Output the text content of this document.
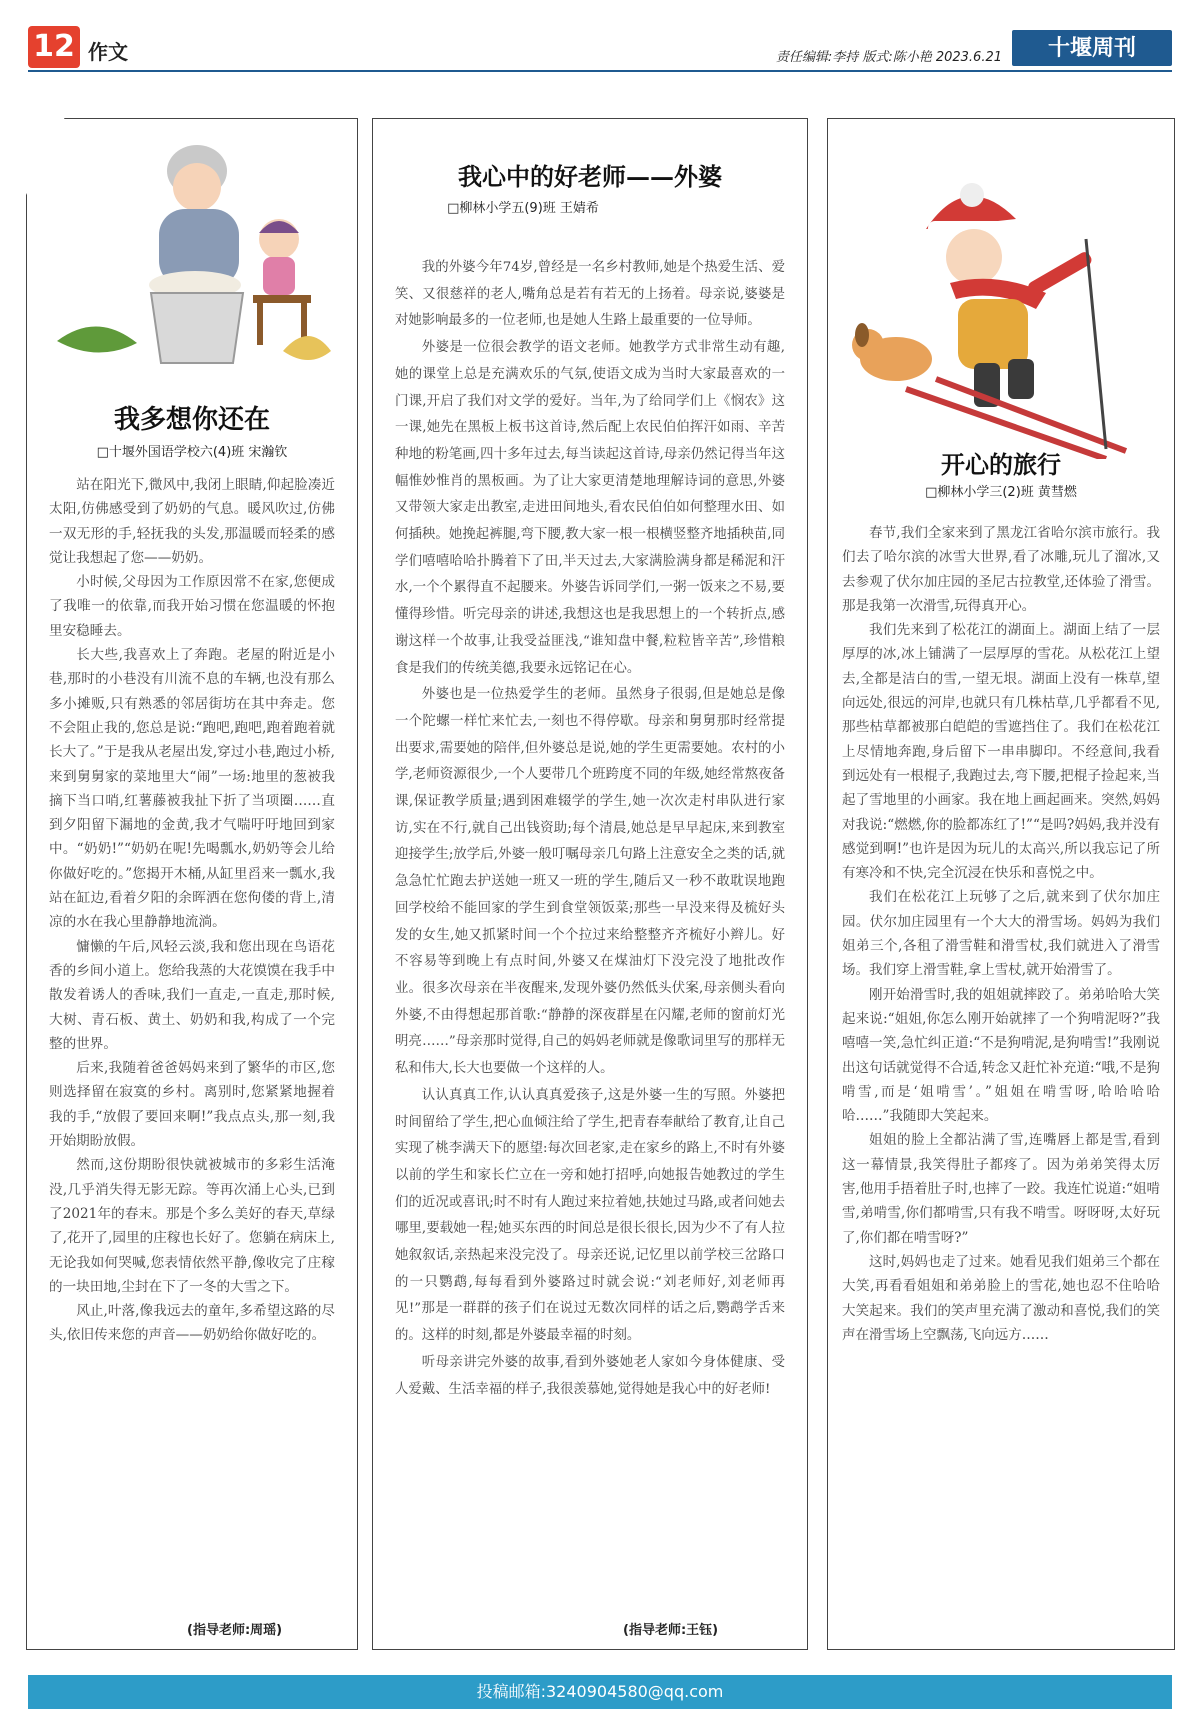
12 作文	责任编辑:李持 版式:陈小艳 2023.6.21	十堰周刊
我多想你还在
□十堰外国语学校六(4)班 宋瀚钦

站在阳光下,微风中,我闭上眼睛,仰起脸凑近太阳,仿佛感受到了奶奶的气息。暖风吹过,仿佛一双无形的手,轻抚我的头发,那温暖而轻柔的感觉让我想起了您——奶奶。

小时候,父母因为工作原因常不在家,您便成了我唯一的依靠,而我开始习惯在您温暖的怀抱里安稳睡去。

长大些,我喜欢上了奔跑。老屋的附近是小巷,那时的小巷没有川流不息的车辆,也没有那么多小摊贩,只有熟悉的邻居街坊在其中奔走。您不会阻止我的,您总是说:“跑吧,跑吧,跑着跑着就长大了。”于是我从老屋出发,穿过小巷,跑过小桥,来到舅舅家的菜地里大“闹”一场:地里的葱被我摘下当口哨,红薯藤被我扯下折了当项圈……直到夕阳留下漏地的金黄,我才气喘吁吁地回到家中。“奶奶!”“奶奶在呢!先喝瓢水,奶奶等会儿给你做好吃的。”您揭开木桶,从缸里舀来一瓢水,我站在缸边,看着夕阳的余晖洒在您佝偻的背上,清凉的水在我心里静静地流淌。

慵懒的午后,风轻云淡,我和您出现在鸟语花香的乡间小道上。您给我蒸的大花馍馍在我手中散发着诱人的香味,我们一直走,一直走,那时候,大树、青石板、黄土、奶奶和我,构成了一个完整的世界。

后来,我随着爸爸妈妈来到了繁华的市区,您则选择留在寂寞的乡村。离别时,您紧紧地握着我的手,“放假了要回来啊!”我点点头,那一刻,我开始期盼放假。

然而,这份期盼很快就被城市的多彩生活淹没,几乎消失得无影无踪。等再次涌上心头,已到了2021年的春末。那是个多么美好的春天,草绿了,花开了,园里的庄稼也长好了。您躺在病床上,无论我如何哭喊,您表情依然平静,像收完了庄稼的一块田地,尘封在下了一冬的大雪之下。

风止,叶落,像我远去的童年,多希望这路的尽头,依旧传来您的声音——奶奶给你做好吃的。

(指导老师:周瑶)
我心中的好老师——外婆
□柳林小学五(9)班 王婧希

我的外婆今年74岁,曾经是一名乡村教师,她是个热爱生活、爱笑、又很慈祥的老人,嘴角总是若有若无的上扬着。母亲说,婆婆是对她影响最多的一位老师,也是她人生路上最重要的一位导师。

外婆是一位很会教学的语文老师。她教学方式非常生动有趣,她的课堂上总是充满欢乐的气氛,使语文成为当时大家最喜欢的一门课,开启了我们对文学的爱好。当年,为了给同学们上《悯农》这一课,她先在黑板上板书这首诗,然后配上农民伯伯挥汗如雨、辛苦种地的粉笔画,四十多年过去,每当读起这首诗,母亲仍然记得当年这幅惟妙惟肖的黑板画。为了让大家更清楚地理解诗词的意思,外婆又带领大家走出教室,走进田间地头,看农民伯伯如何整理水田、如何插秧。她挽起裤腿,弯下腰,教大家一根一根横竖整齐地插秧苗,同学们嘻嘻哈哈扑腾着下了田,半天过去,大家满脸满身都是稀泥和汗水,一个个累得直不起腰来。外婆告诉同学们,一粥一饭来之不易,要懂得珍惜。听完母亲的讲述,我想这也是我思想上的一个转折点,感谢这样一个故事,让我受益匪浅,“谁知盘中餐,粒粒皆辛苦”,珍惜粮食是我们的传统美德,我要永远铭记在心。

外婆也是一位热爱学生的老师。虽然身子很弱,但是她总是像一个陀螺一样忙来忙去,一刻也不得停歇。母亲和舅舅那时经常提出要求,需要她的陪伴,但外婆总是说,她的学生更需要她。农村的小学,老师资源很少,一个人要带几个班跨度不同的年级,她经常熬夜备课,保证教学质量;遇到困难辍学的学生,她一次次走村串队进行家访,实在不行,就自己出钱资助;每个清晨,她总是早早起床,来到教室迎接学生;放学后,外婆一般叮嘱母亲几句路上注意安全之类的话,就急急忙忙跑去护送她一班又一班的学生,随后又一秒不敢耽误地跑回学校给不能回家的学生到食堂领饭菜;那些一早没来得及梳好头发的女生,她又抓紧时间一个个拉过来给整整齐齐梳好小辫儿。好不容易等到晚上有点时间,外婆又在煤油灯下没完没了地批改作业。很多次母亲在半夜醒来,发现外婆仍然低头伏案,母亲侧头看向外婆,不由得想起那首歌:“静静的深夜群星在闪耀,老师的窗前灯光明亮……”母亲那时觉得,自己的妈妈老师就是像歌词里写的那样无私和伟大,长大也要做一个这样的人。

认认真真工作,认认真真爱孩子,这是外婆一生的写照。外婆把时间留给了学生,把心血倾注给了学生,把青春奉献给了教育,让自己实现了桃李满天下的愿望:每次回老家,走在家乡的路上,不时有外婆以前的学生和家长伫立在一旁和她打招呼,向她报告她教过的学生们的近况或喜讯;时不时有人跑过来拉着她,扶她过马路,或者问她去哪里,要载她一程;她买东西的时间总是很长很长,因为少不了有人拉她叙叙话,亲热起来没完没了。母亲还说,记忆里以前学校三岔路口的一只鹦鹉,每每看到外婆路过时就会说:“刘老师好,刘老师再见!”那是一群群的孩子们在说过无数次同样的话之后,鹦鹉学舌来的。这样的时刻,都是外婆最幸福的时刻。

听母亲讲完外婆的故事,看到外婆她老人家如今身体健康、受人爱戴、生活幸福的样子,我很羡慕她,觉得她是我心中的好老师!

(指导老师:王钰)
开心的旅行
□柳林小学三(2)班 黄彗燃

春节,我们全家来到了黑龙江省哈尔滨市旅行。我们去了哈尔滨的冰雪大世界,看了冰雕,玩儿了溜冰,又去参观了伏尔加庄园的圣尼古拉教堂,还体验了滑雪。那是我第一次滑雪,玩得真开心。

我们先来到了松花江的湖面上。湖面上结了一层厚厚的冰,冰上铺满了一层厚厚的雪花。从松花江上望去,全都是洁白的雪,一望无垠。湖面上没有一株草,望向远处,很远的河岸,也就只有几株枯草,几乎都看不见,那些枯草都被那白皑皑的雪遮挡住了。我们在松花江上尽情地奔跑,身后留下一串串脚印。不经意间,我看到远处有一根棍子,我跑过去,弯下腰,把棍子捡起来,当起了雪地里的小画家。我在地上画起画来。突然,妈妈对我说:“燃燃,你的脸都冻红了!”“是吗?妈妈,我并没有感觉到啊!”也许是因为玩儿的太高兴,所以我忘记了所有寒冷和不快,完全沉浸在快乐和喜悦之中。

我们在松花江上玩够了之后,就来到了伏尔加庄园。伏尔加庄园里有一个大大的滑雪场。妈妈为我们姐弟三个,各租了滑雪鞋和滑雪杖,我们就进入了滑雪场。我们穿上滑雪鞋,拿上雪杖,就开始滑雪了。

刚开始滑雪时,我的姐姐就摔跤了。弟弟哈哈大笑起来说:“姐姐,你怎么刚开始就摔了一个狗啃泥呀?”我嘻嘻一笑,急忙纠正道:“不是狗啃泥,是狗啃雪!”我刚说出这句话就觉得不合适,转念又赶忙补充道:“哦,不是狗啃雪,而是‘姐啃雪’。”姐姐在啃雪呀,哈哈哈哈哈……”我随即大笑起来。

姐姐的脸上全都沾满了雪,连嘴唇上都是雪,看到这一幕情景,我笑得肚子都疼了。因为弟弟笑得太厉害,他用手捂着肚子时,也摔了一跤。我连忙说道:“姐啃雪,弟啃雪,你们都啃雪,只有我不啃雪。呀呀呀,太好玩了,你们都在啃雪呀?”

这时,妈妈也走了过来。她看见我们姐弟三个都在大笑,再看看姐姐和弟弟脸上的雪花,她也忍不住哈哈大笑起来。我们的笑声里充满了激动和喜悦,我们的笑声在滑雪场上空飘荡,飞向远方……

投稿邮箱:3240904580@qq.com
